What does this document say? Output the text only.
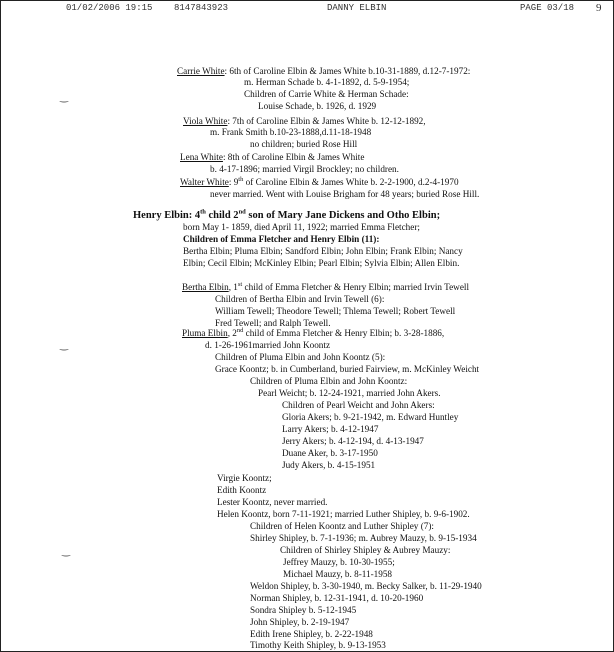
01/02/2006 19:15 8147843923	DANNY ELBIN	PAGE 03/18 9
‿
‿
‿
Carrie White: 6th of Caroline Elbin & James White b.10-31-1889, d.12-7-1972:
m. Herman Schade b. 4-1-1892, d. 5-9-1954;
Children of Carrie White & Herman Schade:
Louise Schade, b. 1926, d. 1929
Viola White: 7th of Caroline Elbin & James White b. 12-12-1892,
m. Frank Smith b.10-23-1888,d.11-18-1948
no children; buried Rose Hill
Lena White: 8th of Caroline Elbin & James White
b. 4-17-1896; married Virgil Brockley; no children.
Walter White: 9th of Caroline Elbin & James White b. 2-2-1900, d.2-4-1970
never married. Went with Louise Brigham for 48 years; buried Rose Hill.
Henry Elbin: 4th child 2nd son of Mary Jane Dickens and Otho Elbin;
born May 1- 1859, died April 11, 1922; married Emma Fletcher;
Children of Emma Fletcher and Henry Elbin (11):
Bertha Elbin; Pluma Elbin; Sandford Elbin; John Elbin; Frank Elbin; Nancy
Elbin; Cecil Elbin; McKinley Elbin; Pearl Elbin; Sylvia Elbin; Allen Elbin.
Bertha Elbin, 1st child of Emma Fletcher & Henry Elbin; married Irvin Tewell
Children of Bertha Elbin and Irvin Tewell (6):
William Tewell; Theodore Tewell; Thlema Tewell; Robert Tewell
Fred Tewell; and Ralph Tewell.
Pluma Elbin, 2nd child of Emma Fletcher & Henry Elbin; b. 3-28-1886,
d. 1-26-1961married John Koontz
Children of Pluma Elbin and John Koontz (5):
Grace Koontz; b. in Cumberland, buried Fairview, m. McKinley Weicht
Children of Pluma Elbin and John Koontz:
Pearl Weicht; b. 12-24-1921, married John Akers.
Children of Pearl Weicht and John Akers:
Gloria Akers; b. 9-21-1942, m. Edward Huntley
Larry Akers; b. 4-12-1947
Jerry Akers; b. 4-12-194, d. 4-13-1947
Duane Aker, b. 3-17-1950
Judy Akers, b. 4-15-1951
Virgie Koontz;
Edith Koontz
Lester Koontz, never married.
Helen Koontz, born 7-11-1921; married Luther Shipley, b. 9-6-1902.
Children of Helen Koontz and Luther Shipley (7):
Shirley Shipley, b. 7-1-1936; m. Aubrey Mauzy, b. 9-15-1934
Children of Shirley Shipley & Aubrey Mauzy:
Jeffrey Mauzy, b. 10-30-1955;
Michael Mauzy, b. 8-11-1958
Weldon Shipley, b. 3-30-1940, m. Becky Salker, b. 11-29-1940
Norman Shipley, b. 12-31-1941, d. 10-20-1960
Sondra Shipley b. 5-12-1945
John Shipley, b. 2-19-1947
Edith Irene Shipley, b. 2-22-1948
Timothy Keith Shipley, b. 9-13-1953
